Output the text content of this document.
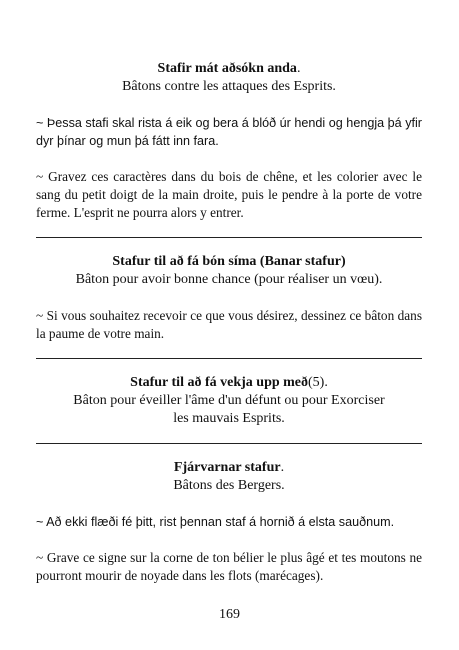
Stafir mát aðsókn anda.

Bâtons contre les attaques des Esprits.

~ Þessa stafi skal rista á eik og bera á blóð úr hendi og hengja þá yfir dyr þínar og mun þá fátt inn fara.

~ Gravez ces caractères dans du bois de chêne, et les colorier avec le sang du petit doigt de la main droite, puis le pendre à la porte de votre ferme. L'esprit ne pourra alors y entrer.

Stafur til að fá bón síma (Banar stafur)

Bâton pour avoir bonne chance (pour réaliser un vœu).

~ Si vous souhaitez recevoir ce que vous désirez, dessinez ce bâton dans la paume de votre main.

Stafur til að fá vekja upp með(5).

Bâton pour éveiller l'âme d'un défunt ou pour Exorciser

les mauvais Esprits.

Fjárvarnar stafur.

Bâtons des Bergers.

~ Að ekki flæði fé þitt, rist þennan staf á hornið á elsta sauðnum.

~ Grave ce signe sur la corne de ton bélier le plus âgé et tes moutons ne pourront mourir de noyade dans les flots (marécages).

169
